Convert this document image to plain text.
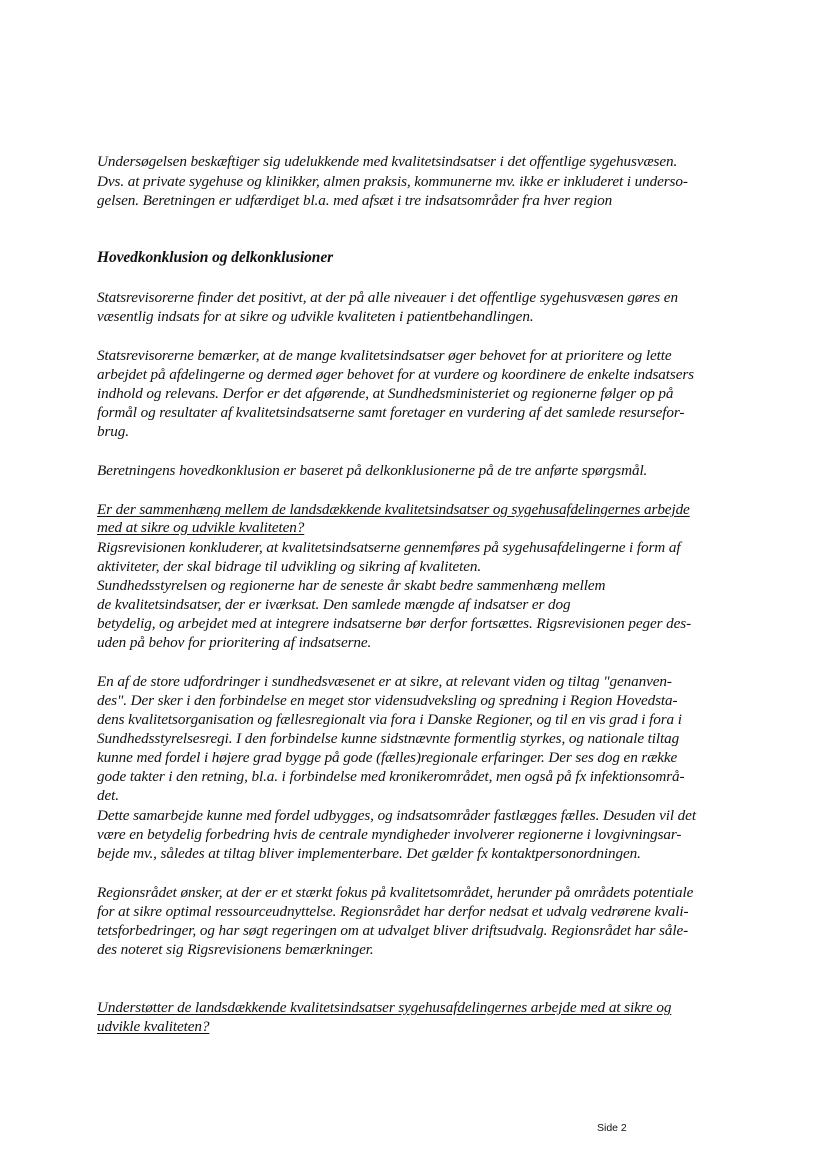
Undersøgelsen beskæftiger sig udelukkende med kvalitetsindsatser i det offentlige sygehusvæsen.
Dvs. at private sygehuse og klinikker, almen praksis, kommunerne mv. ikke er inkluderet i underso-
gelsen. Beretningen er udfærdiget bl.a. med afsæt i tre indsatsområder fra hver region
Hovedkonklusion og delkonklusioner
Statsrevisorerne finder det positivt, at der på alle niveauer i det offentlige sygehusvæsen gøres en
væsentlig indsats for at sikre og udvikle kvaliteten i patientbehandlingen.
Statsrevisorerne bemærker, at de mange kvalitetsindsatser øger behovet for at prioritere og lette
arbejdet på afdelingerne og dermed øger behovet for at vurdere og koordinere de enkelte indsatsers
indhold og relevans. Derfor er det afgørende, at Sundhedsministeriet og regionerne følger op på
formål og resultater af kvalitetsindsatserne samt foretager en vurdering af det samlede resursefor-
brug.
Beretningens hovedkonklusion er baseret på delkonklusionerne på de tre anførte spørgsmål.
Er der sammenhæng mellem de landsdækkende kvalitetsindsatser og sygehusafdelingernes arbejde
med at sikre og udvikle kvaliteten?
Rigsrevisionen konkluderer, at kvalitetsindsatserne gennemføres på sygehusafdelingerne i form af
aktiviteter, der skal bidrage til udvikling og sikring af kvaliteten.
Sundhedsstyrelsen og regionerne har de seneste år skabt bedre sammenhæng mellem
de kvalitetsindsatser, der er iværksat. Den samlede mængde af indsatser er dog
betydelig, og arbejdet med at integrere indsatserne bør derfor fortsættes. Rigsrevisionen peger des-
uden på behov for prioritering af indsatserne.
En af de store udfordringer i sundhedsvæsenet er at sikre, at relevant viden og tiltag "genanven-
des". Der sker i den forbindelse en meget stor vidensudveksling og spredning i Region Hovedsta-
dens kvalitetsorganisation og fællesregionalt via fora i Danske Regioner, og til en vis grad i fora i
Sundhedsstyrelsesregi. I den forbindelse kunne sidstnævnte formentlig styrkes, og nationale tiltag
kunne med fordel i højere grad bygge på gode (fælles)regionale erfaringer. Der ses dog en række
gode takter i den retning, bl.a. i forbindelse med kronikerområdet, men også på fx infektionsområ-
det.
Dette samarbejde kunne med fordel udbygges, og indsatsområder fastlægges fælles. Desuden vil det
være en betydelig forbedring hvis de centrale myndigheder involverer regionerne i lovgivningsar-
bejde mv., således at tiltag bliver implementerbare. Det gælder fx kontaktpersonordningen.
Regionsrådet ønsker, at der er et stærkt fokus på kvalitetsområdet, herunder på områdets potentiale
for at sikre optimal ressourceudnyttelse. Regionsrådet har derfor nedsat et udvalg vedrørene kvali-
tetsforbedringer, og har søgt regeringen om at udvalget bliver driftsudvalg. Regionsrådet har såle-
des noteret sig Rigsrevisionens bemærkninger.
Understøtter de landsdækkende kvalitetsindsatser sygehusafdelingernes arbejde med at sikre og
udvikle kvaliteten?
Side 2
